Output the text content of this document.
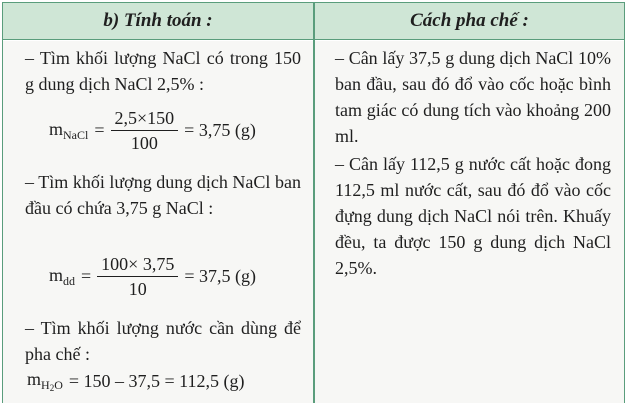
b) Tính toán :	Cách pha chế :

– Tìm khối lượng NaCl có trong 150 g dung dịch NaCl 2,5% :

$m_{NaCl} = \frac{2,5\times 150}{100} = 3,75$ (g)

– Tìm khối lượng dung dịch NaCl ban đầu có chứa 3,75 g NaCl :

$m_{dd} = \frac{100\times 3,75}{10} = 37,5$ (g)

– Tìm khối lượng nước cần dùng để pha chế :

$m_{H2O} = 150 - 37,5 = 112,5$ (g)

– Cân lấy 37,5 g dung dịch NaCl 10% ban đầu, sau đó đổ vào cốc hoặc bình tam giác có dung tích vào khoảng 200 ml.

– Cân lấy 112,5 g nước cất hoặc đong 112,5 ml nước cất, sau đó đổ vào cốc đựng dung dịch NaCl nói trên. Khuấy đều, ta được 150 g dung dịch NaCl 2,5%.
